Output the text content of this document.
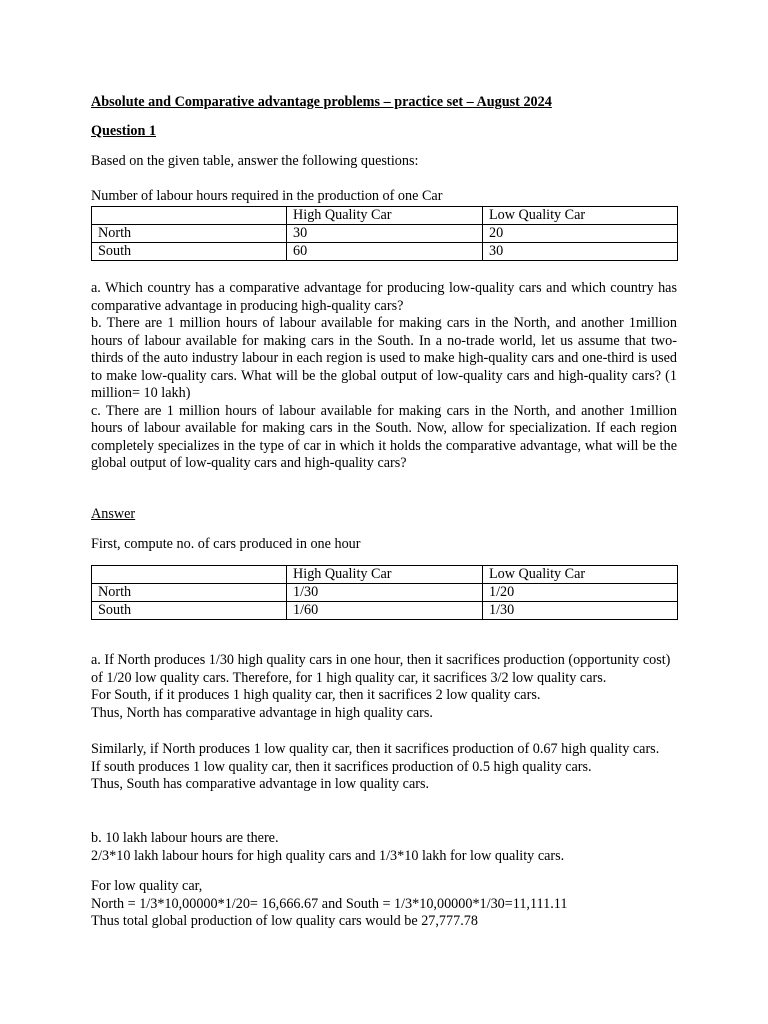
Absolute and Comparative advantage problems – practice set – August 2024

Question 1

Based on the given table, answer the following questions:

Number of labour hours required in the production of one Car

	High Quality Car	Low Quality Car
North	30	20
South	60	30

a. Which country has a comparative advantage for producing low-quality cars and which country has comparative advantage in producing high-quality cars?

b. There are 1 million hours of labour available for making cars in the North, and another 1million hours of labour available for making cars in the South. In a no-trade world, let us assume that two-thirds of the auto industry labour in each region is used to make high-quality cars and one-third is used to make low-quality cars. What will be the global output of low-quality cars and high-quality cars? (1 million= 10 lakh)

c. There are 1 million hours of labour available for making cars in the North, and another 1million hours of labour available for making cars in the South. Now, allow for specialization. If each region completely specializes in the type of car in which it holds the comparative advantage, what will be the global output of low-quality cars and high-quality cars?

Answer

First, compute no. of cars produced in one hour

	High Quality Car	Low Quality Car
North	1/30	1/20
South	1/60	1/30

a. If North produces 1/30 high quality cars in one hour, then it sacrifices production (opportunity cost) of 1/20 low quality cars. Therefore, for 1 high quality car, it sacrifices 3/2 low quality cars.

For South, if it produces 1 high quality car, then it sacrifices 2 low quality cars.

Thus, North has comparative advantage in high quality cars.

Similarly, if North produces 1 low quality car, then it sacrifices production of 0.67 high quality cars.

If south produces 1 low quality car, then it sacrifices production of 0.5 high quality cars.

Thus, South has comparative advantage in low quality cars.

b. 10 lakh labour hours are there.

2/3*10 lakh labour hours for high quality cars and 1/3*10 lakh for low quality cars.

For low quality car,

North = 1/3*10,00000*1/20= 16,666.67 and South = 1/3*10,00000*1/30=11,111.11

Thus total global production of low quality cars would be 27,777.78
